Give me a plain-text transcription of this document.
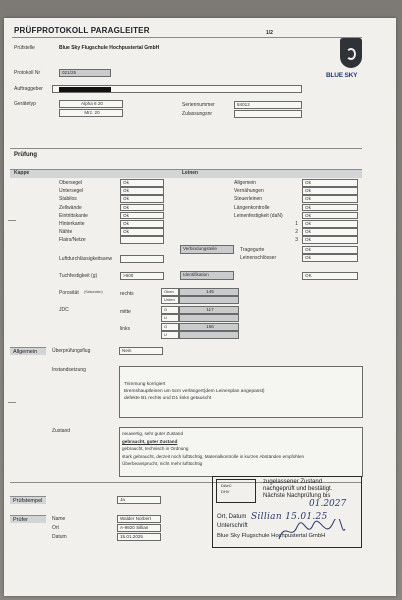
PRÜFPROTOKOLL PARAGLEITER	1/2
Prüfstelle	Blue Sky Flugschule Hochpustertal GmbH
BLUE SKY
Protokoll Nr	021/25
Auftraggeber
Gerätetyp	Alpha 6 20
Mrz. 20
Seriennummer	84012
Zulassungsnr
Prüfung
Kappe	Leinen
Obersegel	Ok
Untersegel	Ok
Stabilos	Ok
Zellwände	Ok
Eintrittskante	Ok
Hinterkante	Ok
Nähte	Ok
Flairs/Netze
Allgemein	Ok
Vernähungen	Ok
Steuerleinen	Ok
Längenkontrolle	Ok
Leinenfestigkeit (daN)	Ok
1	Ok
2	Ok
3	Ok
Verbindungsteile	Tragegurte	Ok
Leinenschlösser	Ok
Luftdurchlässigkeitsanw
Tuchfestigkeit (g)	>600	Identifikation	OK
Porosität (Sekunden)
JDC
rechts	Oben	145
Unten
mitte	O	117
U
links	O	166
U
Allgemein	Überprüfungsflug	Nein
Instandsetzung
Trimmung korrigiert
Bremshauptleinen um 5cm verlängert(dem Leinenplan angepasst)
defekte B1 rechts und D1 links getauscht
Zustand	neuwertig, sehr guter Zustand
gebraucht, guter Zustand
gebraucht, technisch in Ordnung
stark gebraucht, derzeit noch lufttüchtig, Materialkontrolle in kurzen Abständen empfohlen
Überbeansprucht, nicht mehr lufttüchtig
Prüfstempel	Ja
Prüfer	Name	Walder Norbert
Ort	A-9920 Sillian
Datum	15.01.2025
DAeC
DHV
zugelassener Zustand
nachgeprüft und bestätigt.
Nächste Nachprüfung bis
Ort, Datum
Unterschrift
Blue Sky Flugschule Hochpustertal GmbH
01.2027
Sillian 15.01.25
